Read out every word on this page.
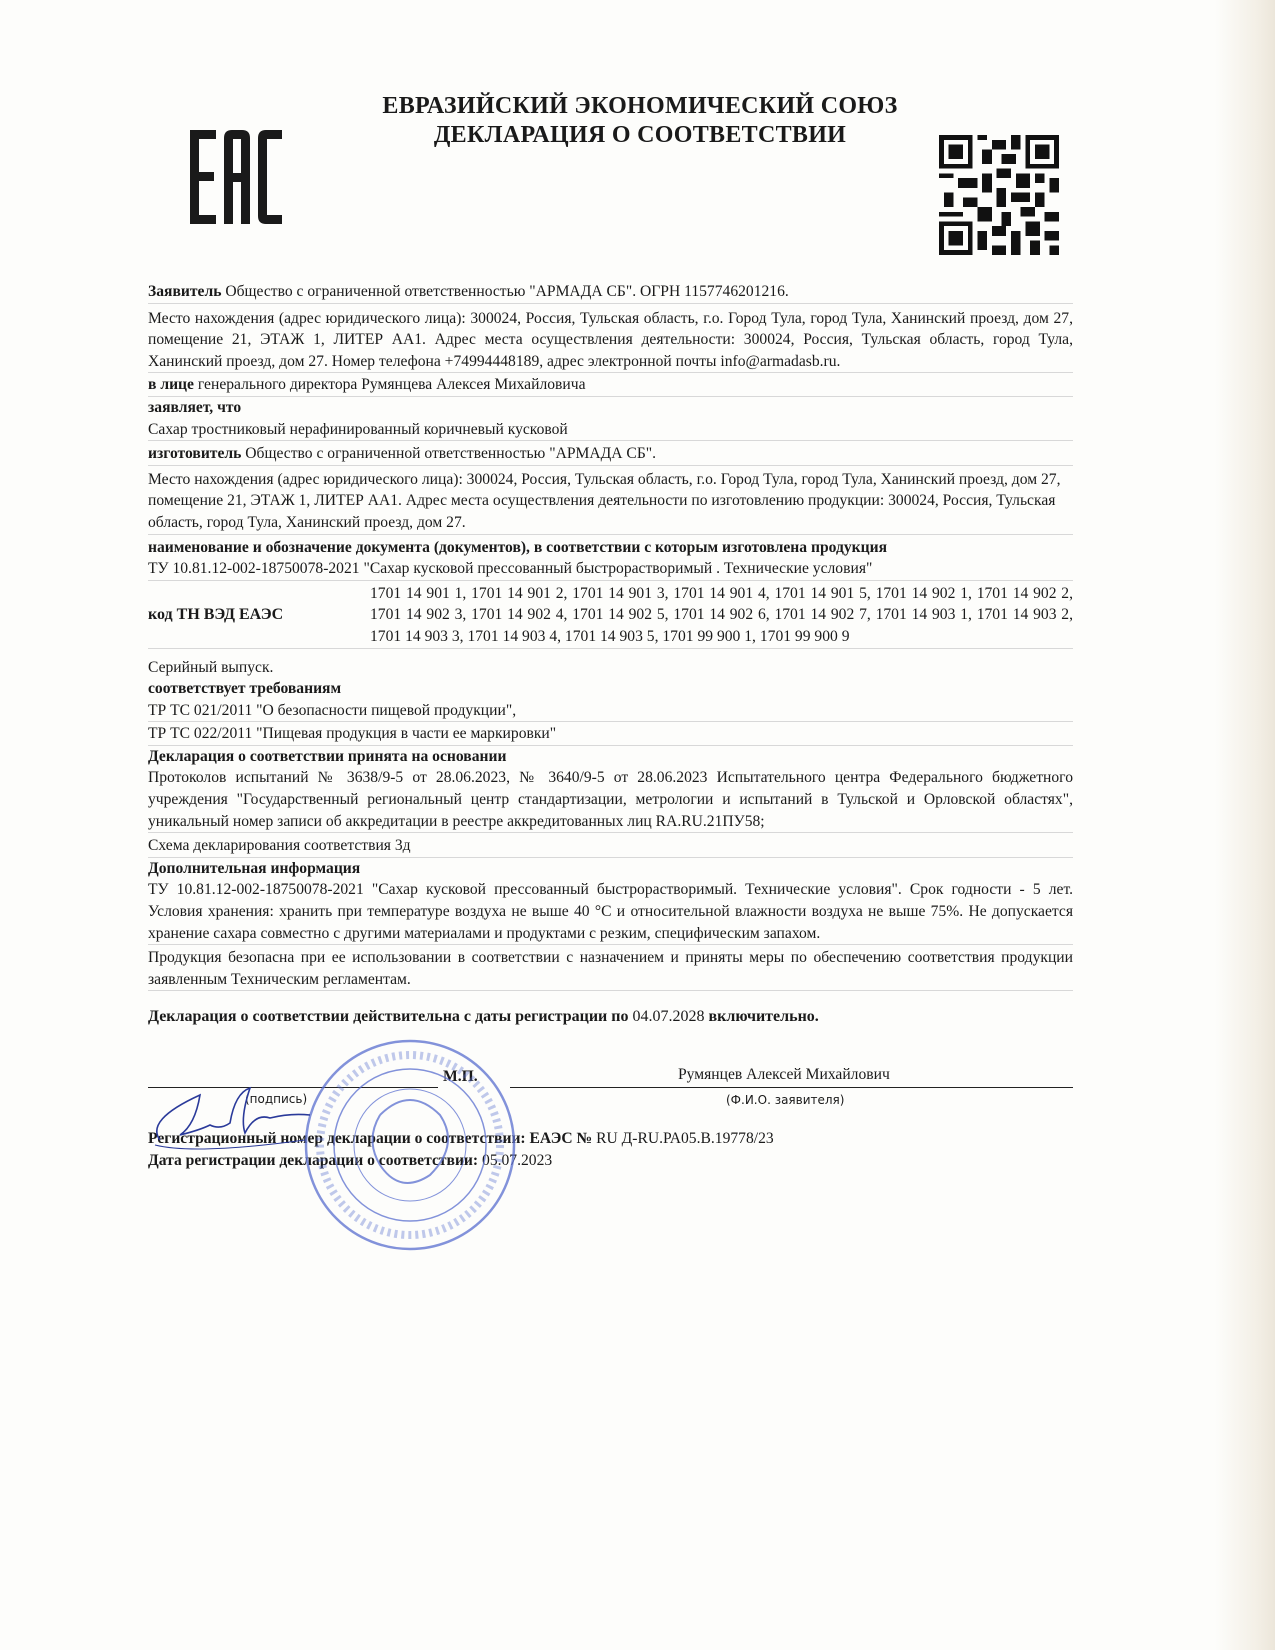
ЕВРАЗИЙСКИЙ ЭКОНОМИЧЕСКИЙ СОЮЗ
ДЕКЛАРАЦИЯ О СООТВЕТСТВИИ
Заявитель Общество с ограниченной ответственностью "АРМАДА СБ". ОГРН 1157746201216.
Место нахождения (адрес юридического лица): 300024, Россия, Тульская область, г.о. Город Тула, город Тула, Ханинский проезд, дом 27, помещение 21, ЭТАЖ 1, ЛИТЕР АА1. Адрес места осуществления деятельности: 300024, Россия, Тульская область, город Тула, Ханинский проезд, дом 27. Номер телефона +74994448189, адрес электронной почты info@armadasb.ru.
в лице генерального директора Румянцева Алексея Михайловича
заявляет, что
Сахар тростниковый нерафинированный коричневый кусковой
изготовитель Общество с ограниченной ответственностью "АРМАДА СБ".
Место нахождения (адрес юридического лица): 300024, Россия, Тульская область, г.о. Город Тула, город Тула, Ханинский проезд, дом 27, помещение 21, ЭТАЖ 1, ЛИТЕР АА1. Адрес места осуществления деятельности по изготовлению продукции: 300024, Россия, Тульская область, город Тула, Ханинский проезд, дом 27.
наименование и обозначение документа (документов), в соответствии с которым изготовлена продукция
ТУ 10.81.12-002-18750078-2021 "Сахар кусковой прессованный быстрорастворимый . Технические условия"
код ТН ВЭД ЕАЭС
1701 14 901 1, 1701 14 901 2, 1701 14 901 3, 1701 14 901 4, 1701 14 901 5, 1701 14 902 1, 1701 14 902 2, 1701 14 902 3, 1701 14 902 4, 1701 14 902 5, 1701 14 902 6, 1701 14 902 7, 1701 14 903 1, 1701 14 903 2, 1701 14 903 3, 1701 14 903 4, 1701 14 903 5, 1701 99 900 1, 1701 99 900 9
Серийный выпуск.
соответствует требованиям
ТР ТС 021/2011 "О безопасности пищевой продукции",
ТР ТС 022/2011 "Пищевая продукция в части ее маркировки"
Декларация о соответствии принята на основании
Протоколов испытаний № 3638/9-5 от 28.06.2023, № 3640/9-5 от 28.06.2023 Испытательного центра Федерального бюджетного учреждения "Государственный региональный центр стандартизации, метрологии и испытаний в Тульской и Орловской областях", уникальный номер записи об аккредитации в реестре аккредитованных лиц RA.RU.21ПУ58;
Схема декларирования соответствия 3д
Дополнительная информация
ТУ 10.81.12-002-18750078-2021 "Сахар кусковой прессованный быстрорастворимый. Технические условия". Срок годности - 5 лет. Условия хранения: хранить при температуре воздуха не выше 40 °С и относительной влажности воздуха не выше 75%. Не допускается хранение сахара совместно с другими материалами и продуктами с резким, специфическим запахом.
Продукция безопасна при ее использовании в соответствии с назначением и приняты меры по обеспечению соответствия продукции заявленным Техническим регламентам.
Декларация о соответствии действительна с даты регистрации по 04.07.2028 включительно.
М.П.
(подпись)
Румянцев Алексей Михайлович
(Ф.И.О. заявителя)
Регистрационный номер декларации о соответствии: ЕАЭС № RU Д-RU.РА05.В.19778/23
Дата регистрации декларации о соответствии: 05.07.2023
